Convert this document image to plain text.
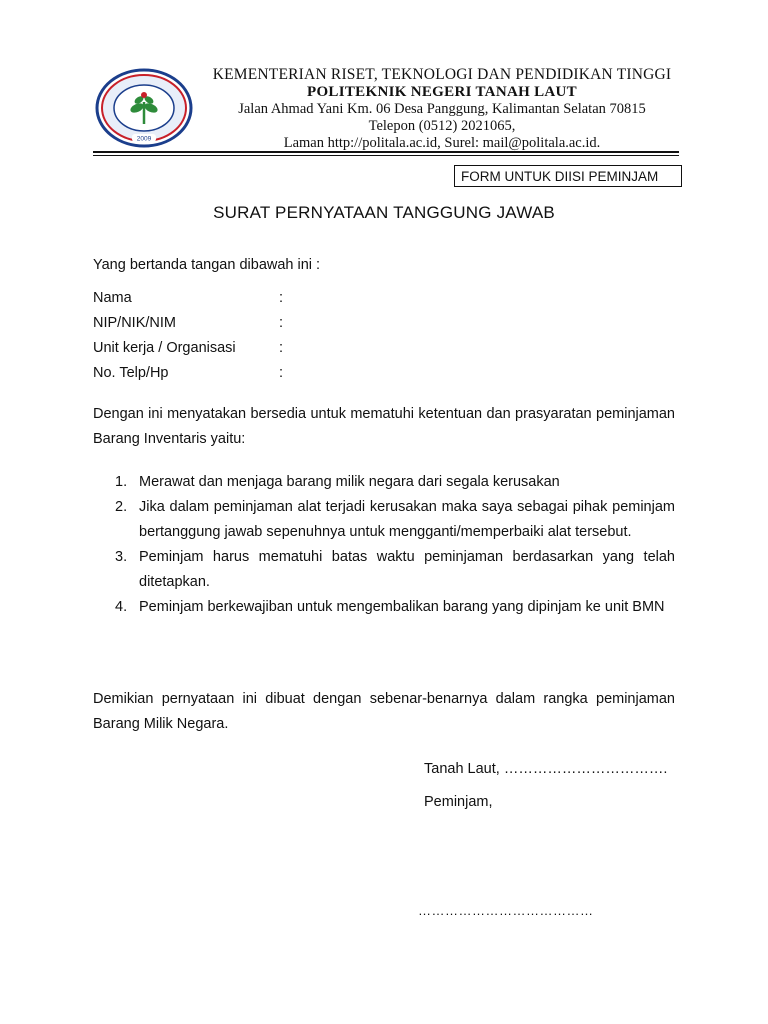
2009
KEMENTERIAN RISET, TEKNOLOGI DAN PENDIDIKAN TINGGI
POLITEKNIK NEGERI TANAH LAUT
Jalan Ahmad Yani Km. 06 Desa Panggung, Kalimantan Selatan 70815
Telepon (0512) 2021065,
Laman http://politala.ac.id, Surel: mail@politala.ac.id.
FORM UNTUK DIISI PEMINJAM
SURAT PERNYATAAN TANGGUNG JAWAB
Yang bertanda tangan dibawah ini :
Nama	:
NIP/NIK/NIM	:
Unit kerja / Organisasi	:
No. Telp/Hp	:
Dengan ini menyatakan bersedia untuk mematuhi ketentuan dan prasyaratan peminjaman Barang Inventaris yaitu:
1. Merawat dan menjaga barang milik negara dari segala kerusakan
2. Jika dalam peminjaman alat terjadi kerusakan maka saya sebagai pihak peminjam bertanggung jawab sepenuhnya untuk mengganti/memperbaiki alat tersebut.
3. Peminjam harus mematuhi batas waktu peminjaman berdasarkan yang telah ditetapkan.
4. Peminjam berkewajiban untuk mengembalikan barang yang dipinjam ke unit BMN
Demikian pernyataan ini dibuat dengan sebenar-benarnya dalam rangka peminjaman Barang Milik Negara.
Tanah Laut, …………………………….
Peminjam,
…………………………………
